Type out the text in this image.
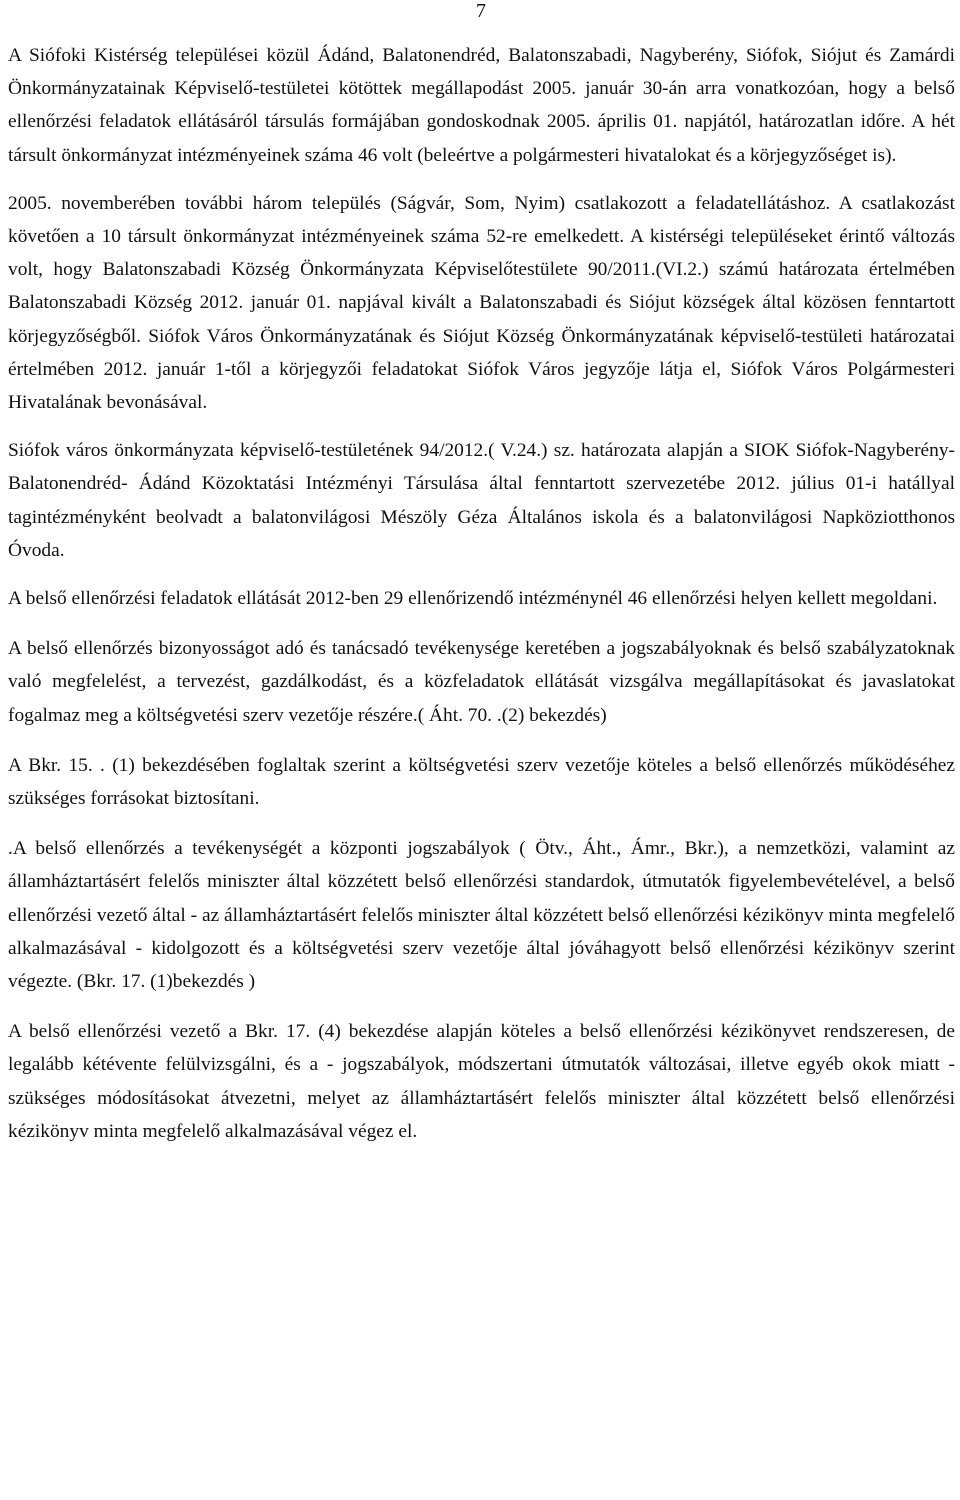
7

A Siófoki Kistérség települései közül Ádánd, Balatonendréd, Balatonszabadi, Nagyberény, Siófok, Siójut és Zamárdi Önkormányzatainak Képviselő-testületei kötöttek megállapodást 2005. január 30-án arra vonatkozóan, hogy a belső ellenőrzési feladatok ellátásáról társulás formájában gondoskodnak 2005. április 01. napjától, határozatlan időre. A hét társult önkormányzat intézményeinek száma 46 volt (beleértve a polgármesteri hivatalokat és a körjegyzőséget is).

2005. novemberében további három település (Ságvár, Som, Nyim) csatlakozott a feladatellátáshoz. A csatlakozást követően a 10 társult önkormányzat intézményeinek száma 52-re emelkedett. A kistérségi településeket érintő változás volt, hogy Balatonszabadi Község Önkormányzata Képviselőtestülete 90/2011.(VI.2.) számú határozata értelmében Balatonszabadi Község 2012. január 01. napjával kivált a Balatonszabadi és Siójut községek által közösen fenntartott körjegyzőségből. Siófok Város Önkormányzatának és Siójut Község Önkormányzatának képviselő-testületi határozatai értelmében 2012. január 1-től a körjegyzői feladatokat Siófok Város jegyzője látja el, Siófok Város Polgármesteri Hivatalának bevonásával.

Siófok város önkormányzata képviselő-testületének 94/2012.( V.24.) sz. határozata alapján a SIOK Siófok-Nagyberény- Balatonendréd- Ádánd Közoktatási Intézményi Társulása által fenntartott szervezetébe 2012. július 01-i hatállyal tagintézményként beolvadt a balatonvilágosi Mészöly Géza Általános iskola és a balatonvilágosi Napköziotthonos Óvoda.

A belső ellenőrzési feladatok ellátását 2012-ben 29 ellenőrizendő intézménynél 46 ellenőrzési helyen kellett megoldani.

A belső ellenőrzés bizonyosságot adó és tanácsadó tevékenysége keretében a jogszabályoknak és belső szabályzatoknak való megfelelést, a tervezést, gazdálkodást, és a közfeladatok ellátását vizsgálva megállapításokat és javaslatokat fogalmaz meg a költségvetési szerv vezetője részére.( Áht. 70. .(2) bekezdés)

A Bkr. 15. . (1) bekezdésében foglaltak szerint a költségvetési szerv vezetője köteles a belső ellenőrzés működéséhez szükséges forrásokat biztosítani.

.A belső ellenőrzés a tevékenységét a központi jogszabályok ( Ötv., Áht., Ámr., Bkr.), a nemzetközi, valamint az államháztartásért felelős miniszter által közzétett belső ellenőrzési standardok, útmutatók figyelembevételével, a belső ellenőrzési vezető által - az államháztartásért felelős miniszter által közzétett belső ellenőrzési kézikönyv minta megfelelő alkalmazásával - kidolgozott és a költségvetési szerv vezetője által jóváhagyott belső ellenőrzési kézikönyv szerint végezte. (Bkr. 17. (1)bekezdés )

A belső ellenőrzési vezető a Bkr. 17. (4) bekezdése alapján köteles a belső ellenőrzési kézikönyvet rendszeresen, de legalább kétévente felülvizsgálni, és a - jogszabályok, módszertani útmutatók változásai, illetve egyéb okok miatt - szükséges módosításokat átvezetni, melyet az államháztartásért felelős miniszter által közzétett belső ellenőrzési kézikönyv minta megfelelő alkalmazásával végez el.
